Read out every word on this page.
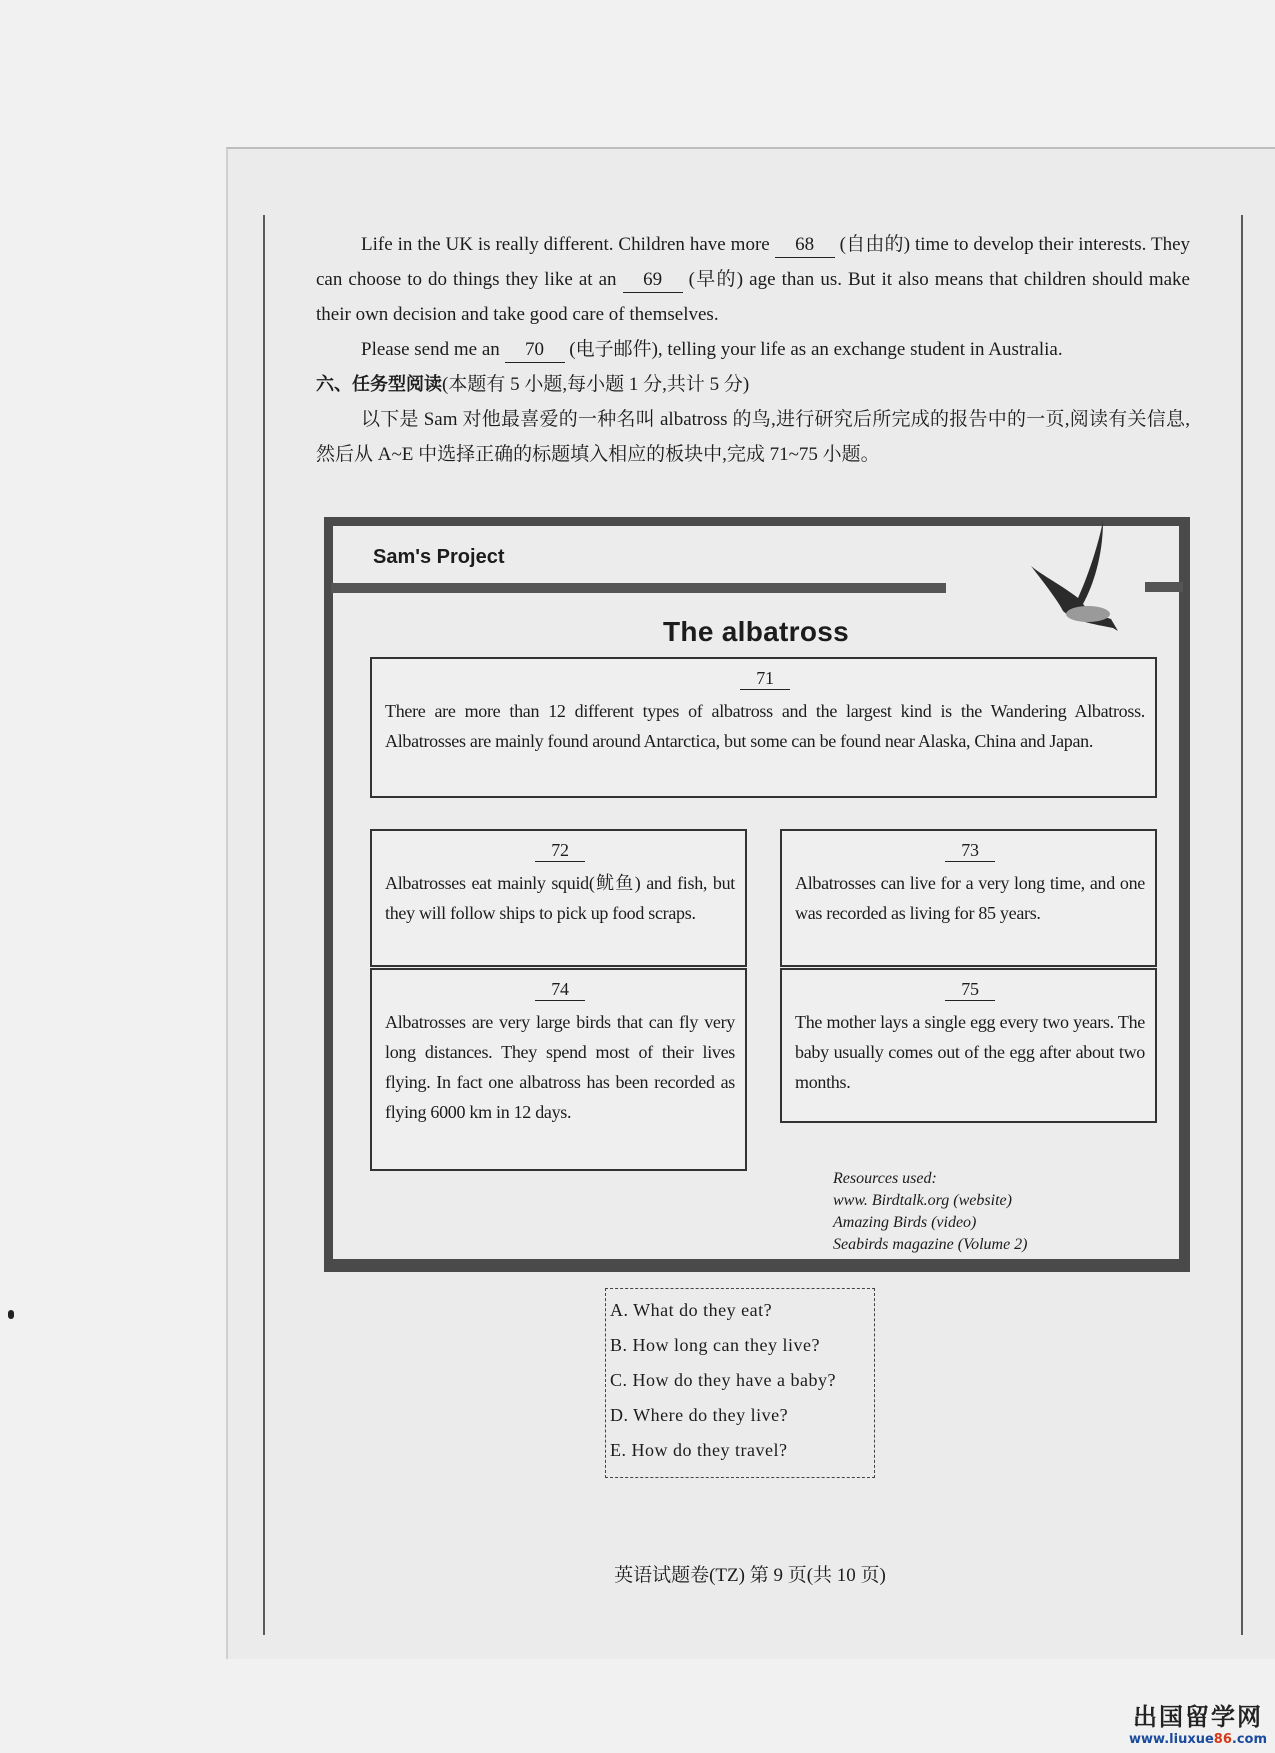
Life in the UK is really different. Children have more 68 (自由的) time to develop their interests. They can choose to do things they like at an 69 (早的) age than us. But it also means that children should make their own decision and take good care of themselves.

Please send me an 70 (电子邮件), telling your life as an exchange student in Australia.

六、任务型阅读(本题有 5 小题,每小题 1 分,共计 5 分)

以下是 Sam 对他最喜爱的一种名叫 albatross 的鸟,进行研究后所完成的报告中的一页,阅读有关信息,然后从 A~E 中选择正确的标题填入相应的板块中,完成 71~75 小题。

Sam's Project
The albatross
71
There are more than 12 different types of albatross and the largest kind is the Wandering Albatross. Albatrosses are mainly found around Antarctica, but some can be found near Alaska, China and Japan.
72
Albatrosses eat mainly squid(鱿鱼) and fish, but they will follow ships to pick up food scraps.
73
Albatrosses can live for a very long time, and one was recorded as living for 85 years.
74
Albatrosses are very large birds that can fly very long distances. They spend most of their lives flying. In fact one albatross has been recorded as flying 6000 km in 12 days.
75
The mother lays a single egg every two years. The baby usually comes out of the egg after about two months.
Resources used:
www. Birdtalk.org (website)
Amazing Birds (video)
Seabirds magazine (Volume 2)
A. What do they eat?
B. How long can they live?
C. How do they have a baby?
D. Where do they live?
E. How do they travel?
英语试题卷(TZ) 第 9 页(共 10 页)
出国留学网
www.liuxue86.com
